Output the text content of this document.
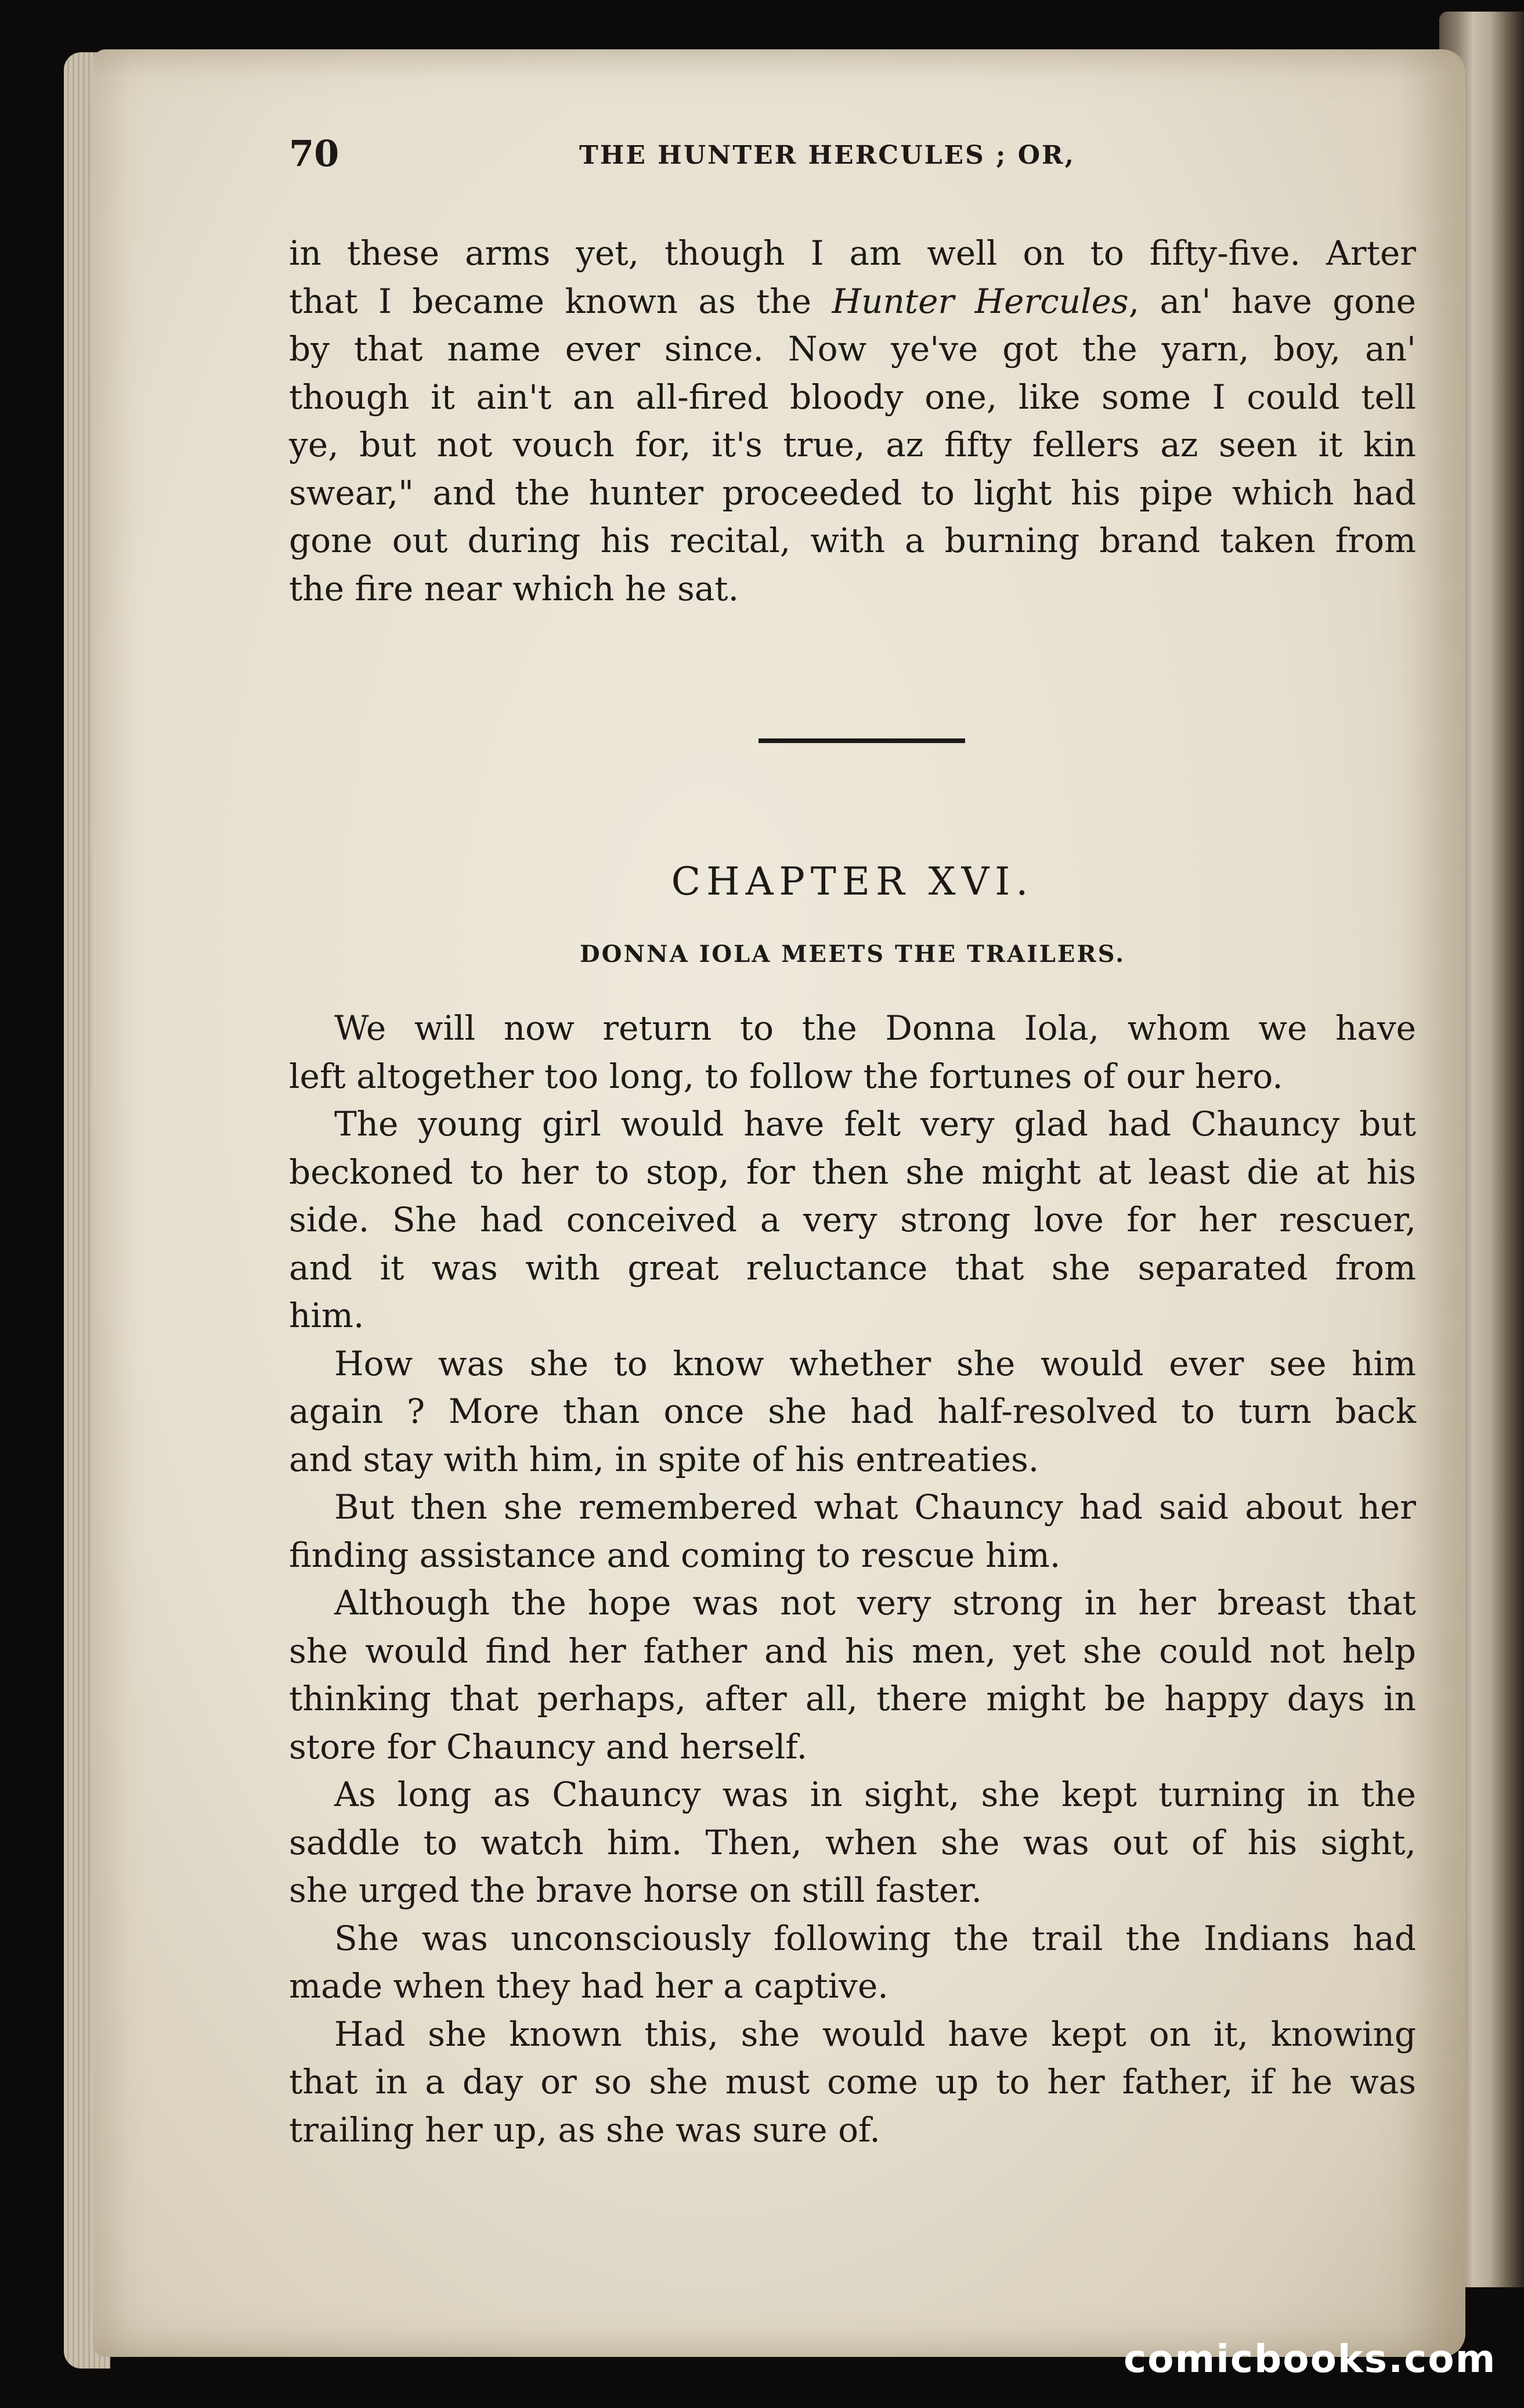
70	THE HUNTER HERCULES ; OR,
in these arms yet, though I am well on to fifty-five. Arter
that I became known as the Hunter Hercules, an' have gone
by that name ever since. Now ye've got the yarn, boy, an'
though it ain't an all-fired bloody one, like some I could tell
ye, but not vouch for, it's true, az fifty fellers az seen it kin
swear," and the hunter proceeded to light his pipe which had
gone out during his recital, with a burning brand taken from
the fire near which he sat.
CHAPTER XVI.
DONNA IOLA MEETS THE TRAILERS.
We will now return to the Donna Iola, whom we have
left altogether too long, to follow the fortunes of our hero.
The young girl would have felt very glad had Chauncy but
beckoned to her to stop, for then she might at least die at his
side. She had conceived a very strong love for her rescuer,
and it was with great reluctance that she separated from
him.
How was she to know whether she would ever see him
again ? More than once she had half-resolved to turn back
and stay with him, in spite of his entreaties.
But then she remembered what Chauncy had said about her
finding assistance and coming to rescue him.
Although the hope was not very strong in her breast that
she would find her father and his men, yet she could not help
thinking that perhaps, after all, there might be happy days in
store for Chauncy and herself.
As long as Chauncy was in sight, she kept turning in the
saddle to watch him. Then, when she was out of his sight,
she urged the brave horse on still faster.
She was unconsciously following the trail the Indians had
made when they had her a captive.
Had she known this, she would have kept on it, knowing
that in a day or so she must come up to her father, if he was
trailing her up, as she was sure of.
comicbooks.com
